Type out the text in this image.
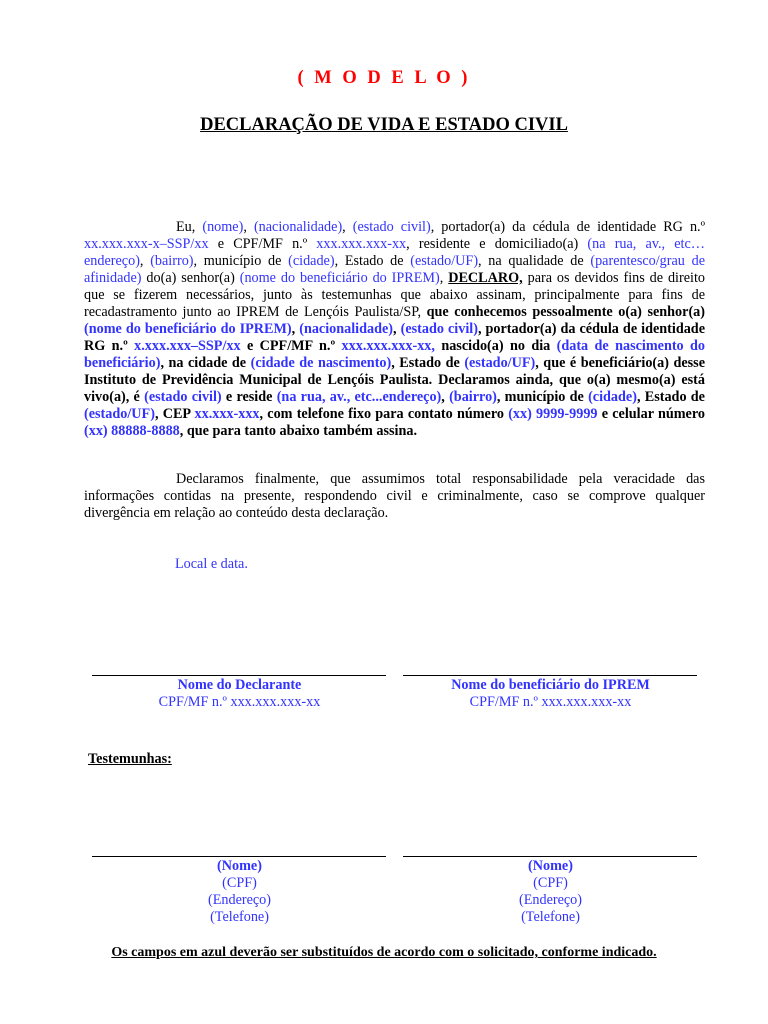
( M O D E L O )
DECLARAÇÃO DE VIDA E ESTADO CIVIL
Eu, (nome), (nacionalidade), (estado civil), portador(a) da cédula de identidade RG n.º xx.xxx.xxx-x–SSP/xx e CPF/MF n.º xxx.xxx.xxx-xx, residente e domiciliado(a) (na rua, av., etc… endereço), (bairro), município de (cidade), Estado de (estado/UF), na qualidade de (parentesco/grau de afinidade) do(a) senhor(a) (nome do beneficiário do IPREM), DECLARO, para os devidos fins de direito que se fizerem necessários, junto às testemunhas que abaixo assinam, principalmente para fins de recadastramento junto ao IPREM de Lençóis Paulista/SP, que conhecemos pessoalmente o(a) senhor(a) (nome do beneficiário do IPREM), (nacionalidade), (estado civil), portador(a) da cédula de identidade RG n.º x.xxx.xxx–SSP/xx e CPF/MF n.º xxx.xxx.xxx-xx, nascido(a) no dia (data de nascimento do beneficiário), na cidade de (cidade de nascimento), Estado de (estado/UF), que é beneficiário(a) desse Instituto de Previdência Municipal de Lençóis Paulista. Declaramos ainda, que o(a) mesmo(a) está vivo(a), é (estado civil) e reside (na rua, av., etc...endereço), (bairro), município de (cidade), Estado de (estado/UF), CEP xx.xxx-xxx, com telefone fixo para contato número (xx) 9999-9999 e celular número (xx) 88888-8888, que para tanto abaixo também assina.
Declaramos finalmente, que assumimos total responsabilidade pela veracidade das informações contidas na presente, respondendo civil e criminalmente, caso se comprove qualquer divergência em relação ao conteúdo desta declaração.
Local e data.
Nome do Declarante
CPF/MF n.º xxx.xxx.xxx-xx
Nome do beneficiário do IPREM
CPF/MF n.º xxx.xxx.xxx-xx
Testemunhas:
(Nome)
(CPF)
(Endereço)
(Telefone)
(Nome)
(CPF)
(Endereço)
(Telefone)
Os campos em azul deverão ser substituídos de acordo com o solicitado, conforme indicado.
